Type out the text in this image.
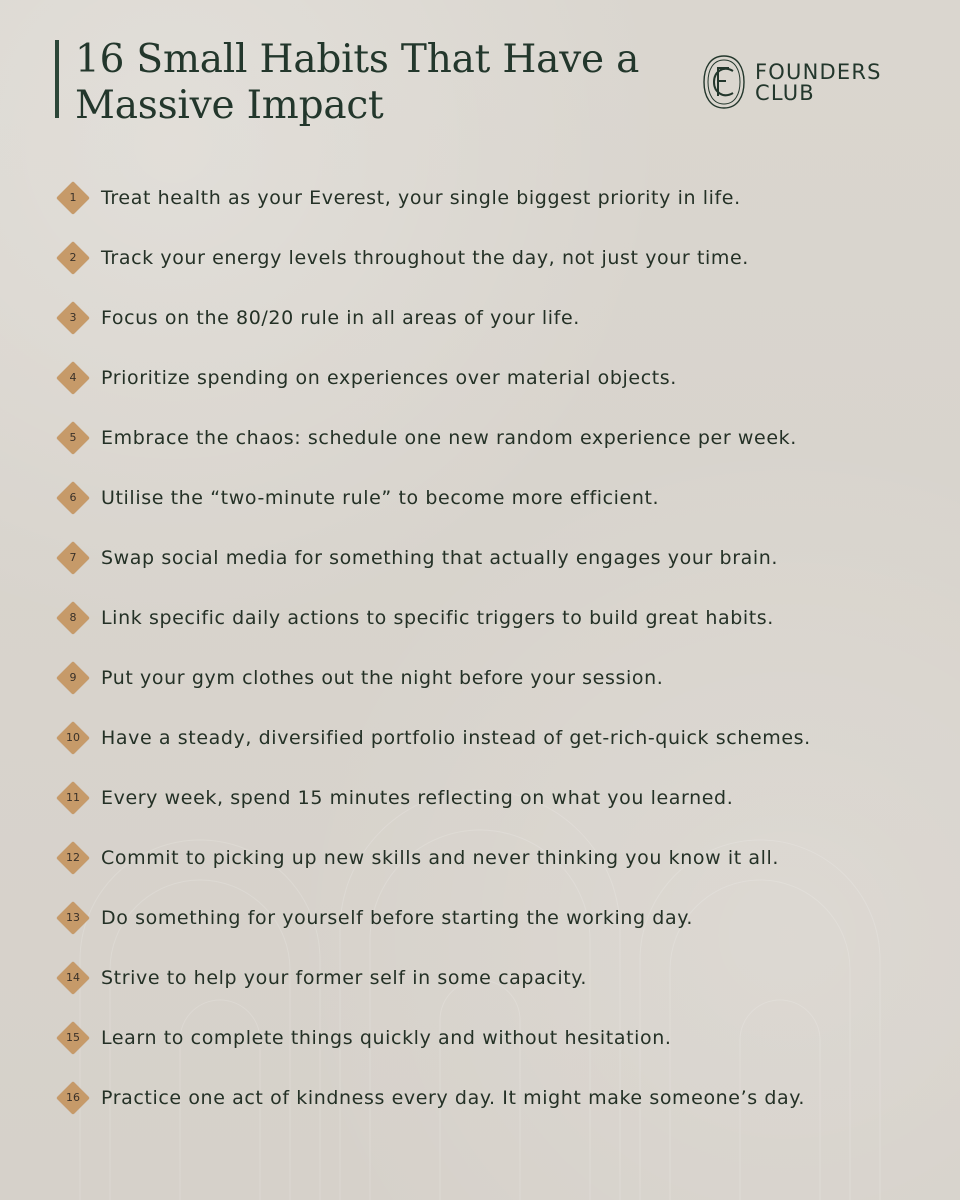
16 Small Habits That Have a Massive Impact
FOUNDERS
CLUB
1	Treat health as your Everest, your single biggest priority in life.
2	Track your energy levels throughout the day, not just your time.
3	Focus on the 80/20 rule in all areas of your life.
4	Prioritize spending on experiences over material objects.
5	Embrace the chaos: schedule one new random experience per week.
6	Utilise the “two-minute rule” to become more efficient.
7	Swap social media for something that actually engages your brain.
8	Link specific daily actions to specific triggers to build great habits.
9	Put your gym clothes out the night before your session.
10	Have a steady, diversified portfolio instead of get-rich-quick schemes.
11	Every week, spend 15 minutes reflecting on what you learned.
12	Commit to picking up new skills and never thinking you know it all.
13	Do something for yourself before starting the working day.
14	Strive to help your former self in some capacity.
15	Learn to complete things quickly and without hesitation.
16	Practice one act of kindness every day. It might make someone’s day.
